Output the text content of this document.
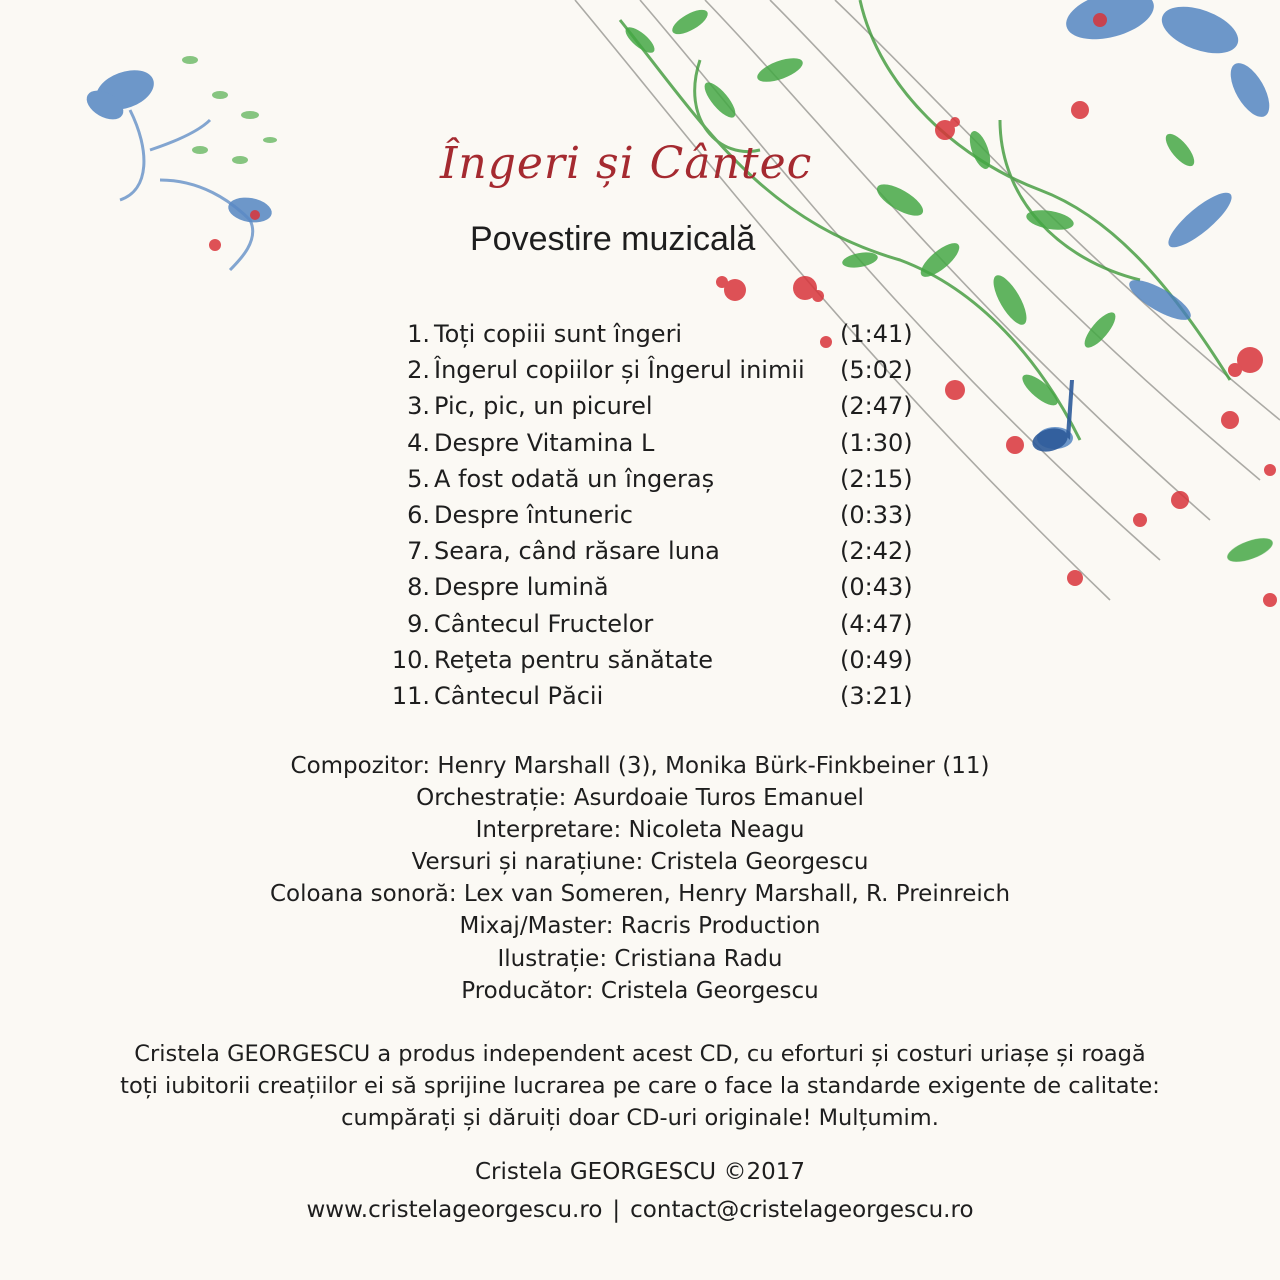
Îngeri și Cântec
Povestire muzicală
1. Toți copiii sunt îngeri	(1:41)
2. Îngerul copiilor și Îngerul inimii (5:02)
3. Pic, pic, un picurel	(2:47)
4. Despre Vitamina L	(1:30)
5. A fost odată un îngeraș	(2:15)
6. Despre întuneric	(0:33)
7. Seara, când răsare luna	(2:42)
8. Despre lumină	(0:43)
9. Cântecul Fructelor	(4:47)
10. Reţeta pentru sănătate	(0:49)
11. Cântecul Păcii	(3:21)
Compozitor: Henry Marshall (3), Monika Bürk-Finkbeiner (11)
Orchestrație: Asurdoaie Turos Emanuel
Interpretare: Nicoleta Neagu
Versuri și narațiune: Cristela Georgescu
Coloana sonoră: Lex van Someren, Henry Marshall, R. Preinreich
Mixaj/Master: Racris Production
Ilustrație: Cristiana Radu
Producător: Cristela Georgescu
Cristela GEORGESCU a produs independent acest CD, cu eforturi și costuri uriașe și roagă
toți iubitorii creațiilor ei să sprijine lucrarea pe care o face la standarde exigente de calitate:
cumpărați și dăruiți doar CD-uri originale! Mulțumim.
Cristela GEORGESCU ©2017
www.cristelageorgescu.ro | contact@cristelageorgescu.ro
